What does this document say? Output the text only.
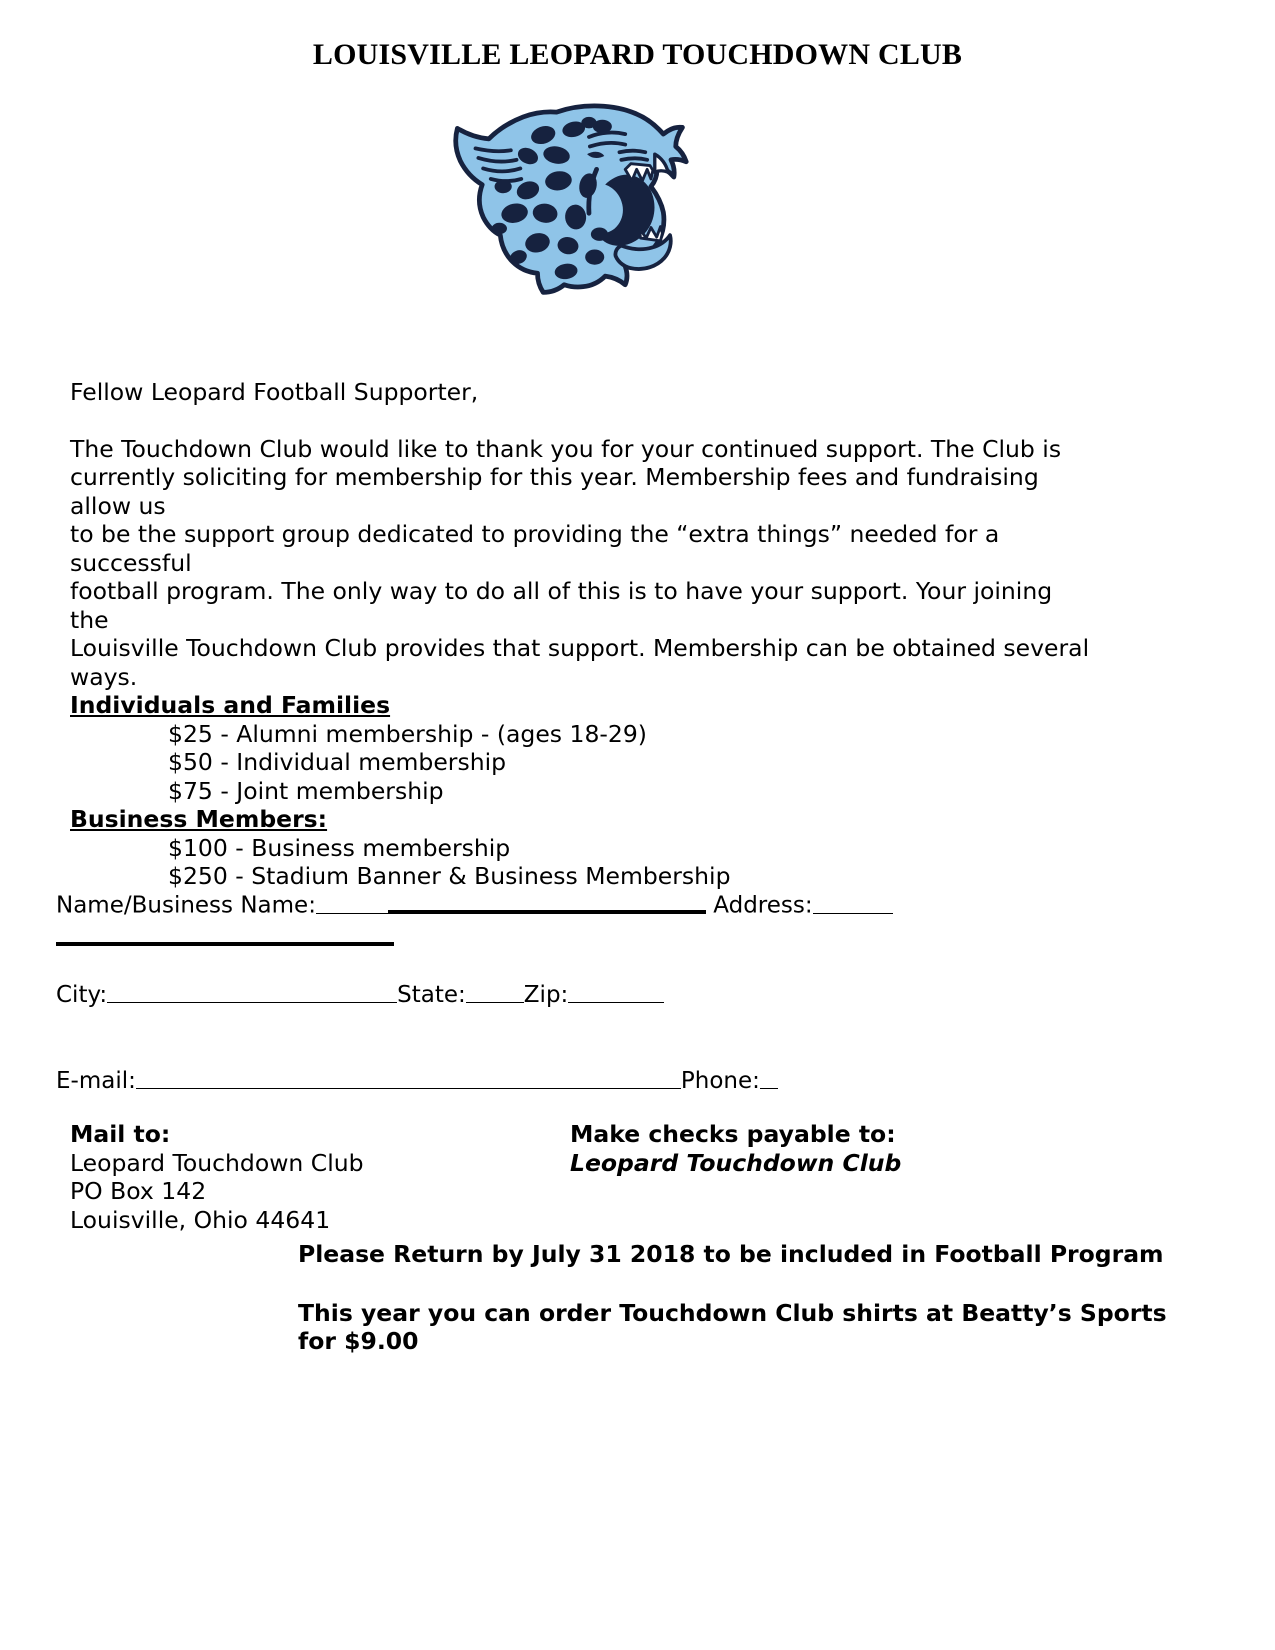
LOUISVILLE LEOPARD TOUCHDOWN CLUB

Fellow Leopard Football Supporter,

The Touchdown Club would like to thank you for your continued support. The Club is

currently soliciting for membership for this year. Membership fees and fundraising allow us

to be the support group dedicated to providing the “extra things” needed for a successful

football program. The only way to do all of this is to have your support. Your joining the

Louisville Touchdown Club provides that support. Membership can be obtained several

ways.

Individuals and Families

$25 - Alumni membership - (ages 18-29)

$50 - Individual membership

$75 - Joint membership

Business Members:

$100 - Business membership

$250 - Stadium Banner & Business Membership

Name/Business Name:	Address:
City:	State:	Zip:
E-mail:	Phone:
Mail to:
Leopard Touchdown Club
PO Box 142
Louisville, Ohio 44641
Make checks payable to:
Leopard Touchdown Club

Please Return by July 31 2018 to be included in Football Program

This year you can order Touchdown Club shirts at Beatty’s Sports for $9.00
